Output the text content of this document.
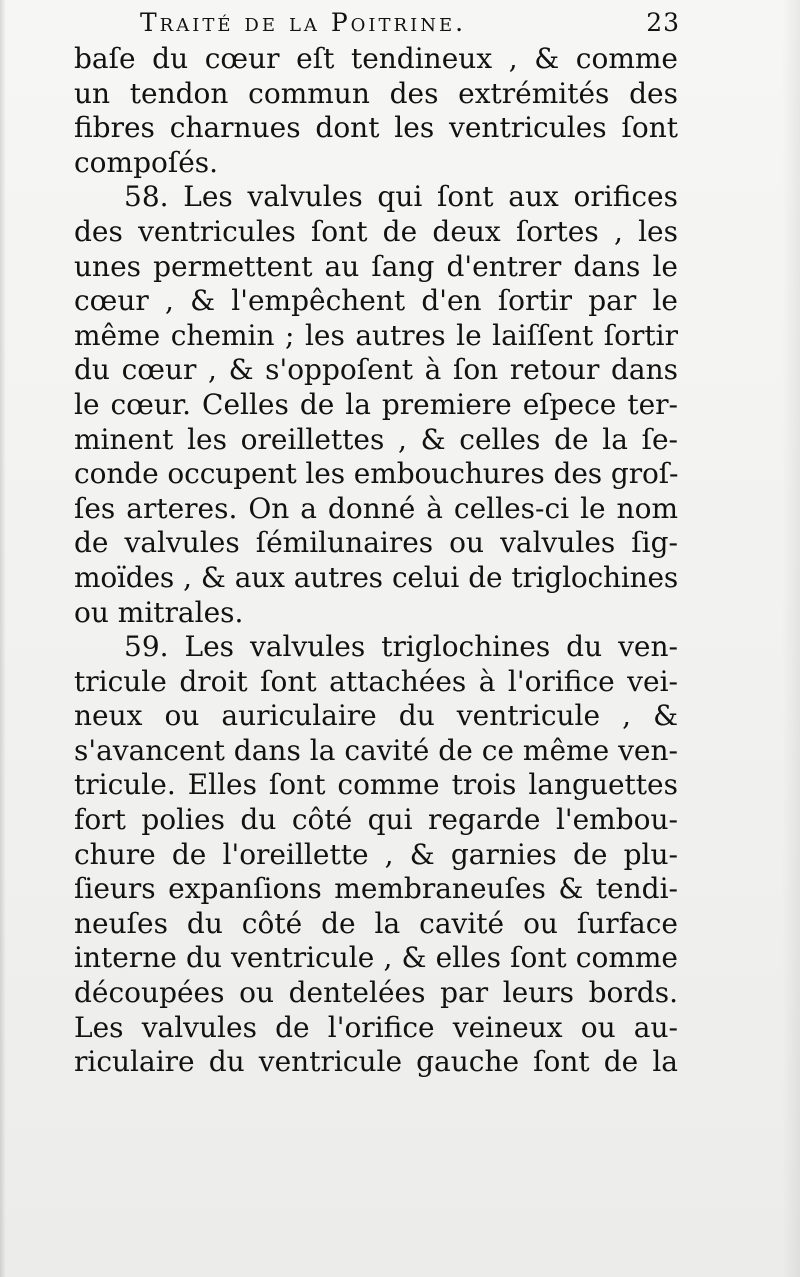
Traité de la Poitrine.	23
baſe du cœur eſt tendineux , & comme
un tendon commun des extrémités des
fibres charnues dont les ventricules ſont
compoſés.
58. Les valvules qui ſont aux orifices
des ventricules ſont de deux ſortes , les
unes permettent au ſang d'entrer dans le
cœur , & l'empêchent d'en ſortir par le
même chemin ; les autres le laiſſent ſortir
du cœur , & s'oppoſent à ſon retour dans
le cœur. Celles de la premiere eſpece ter-
minent les oreillettes , & celles de la ſe-
conde occupent les embouchures des groſ-
ſes arteres. On a donné à celles-ci le nom
de valvules ſémilunaires ou valvules ſig-
moïdes , & aux autres celui de triglochines
ou mitrales.
59. Les valvules triglochines du ven-
tricule droit ſont attachées à l'orifice vei-
neux ou auriculaire du ventricule , &
s'avancent dans la cavité de ce même ven-
tricule. Elles ſont comme trois languettes
fort polies du côté qui regarde l'embou-
chure de l'oreillette , & garnies de plu-
ſieurs expanſions membraneuſes & tendi-
neuſes du côté de la cavité ou ſurface
interne du ventricule , & elles ſont comme
découpées ou dentelées par leurs bords.
Les valvules de l'orifice veineux ou au-
riculaire du ventricule gauche ſont de la
